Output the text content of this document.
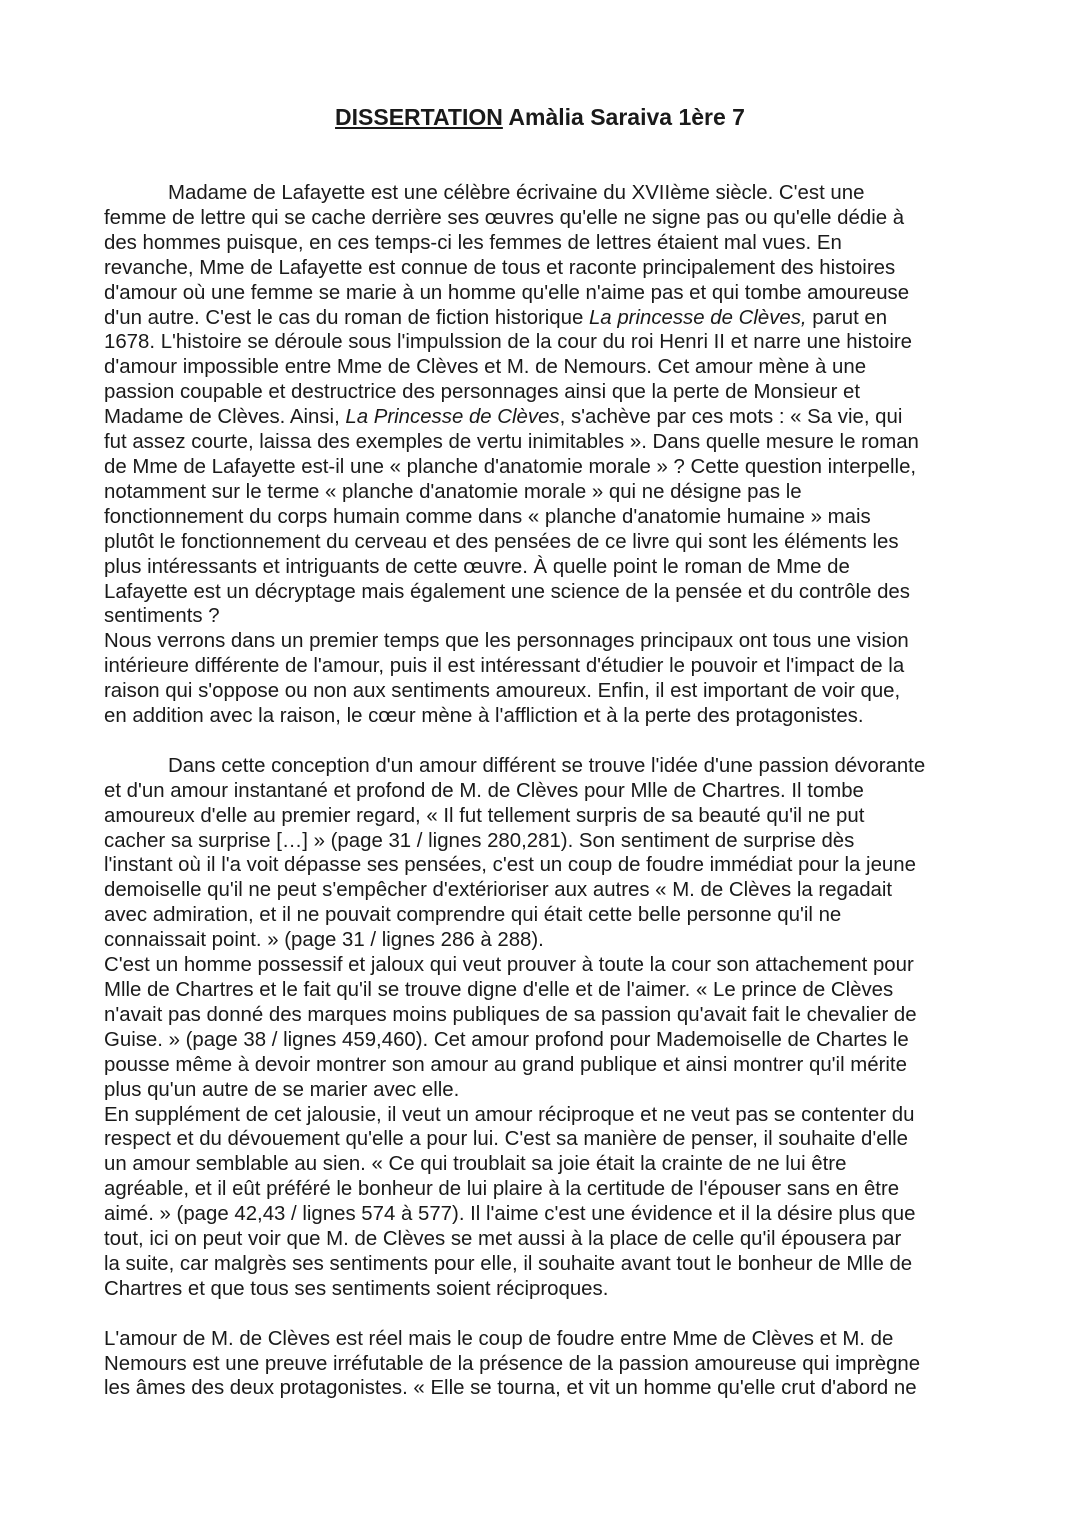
DISSERTATION Amàlia Saraiva 1ère 7

Madame de Lafayette est une célèbre écrivaine du XVIIème siècle. C'est une
femme de lettre qui se cache derrière ses œuvres qu'elle ne signe pas ou qu'elle dédie à
des hommes puisque, en ces temps-ci les femmes de lettres étaient mal vues. En
revanche, Mme de Lafayette est connue de tous et raconte principalement des histoires
d'amour où une femme se marie à un homme qu'elle n'aime pas et qui tombe amoureuse
d'un autre. C'est le cas du roman de fiction historique La princesse de Clèves, parut en
1678. L'histoire se déroule sous l'impulssion de la cour du roi Henri II et narre une histoire
d'amour impossible entre Mme de Clèves et M. de Nemours. Cet amour mène à une
passion coupable et destructrice des personnages ainsi que la perte de Monsieur et
Madame de Clèves. Ainsi, La Princesse de Clèves, s'achève par ces mots : « Sa vie, qui
fut assez courte, laissa des exemples de vertu inimitables ». Dans quelle mesure le roman
de Mme de Lafayette est-il une « planche d'anatomie morale » ? Cette question interpelle,
notamment sur le terme « planche d'anatomie morale » qui ne désigne pas le
fonctionnement du corps humain comme dans « planche d'anatomie humaine » mais
plutôt le fonctionnement du cerveau et des pensées de ce livre qui sont les éléments les
plus intéressants et intriguants de cette œuvre. À quelle point le roman de Mme de
Lafayette est un décryptage mais également une science de la pensée et du contrôle des
sentiments ?

Nous verrons dans un premier temps que les personnages principaux ont tous une vision
intérieure différente de l'amour, puis il est intéressant d'étudier le pouvoir et l'impact de la
raison qui s'oppose ou non aux sentiments amoureux. Enfin, il est important de voir que,
en addition avec la raison, le cœur mène à l'affliction et à la perte des protagonistes.

Dans cette conception d'un amour différent se trouve l'idée d'une passion dévorante
et d'un amour instantané et profond de M. de Clèves pour Mlle de Chartres. Il tombe
amoureux d'elle au premier regard, « Il fut tellement surpris de sa beauté qu'il ne put
cacher sa surprise […] » (page 31 / lignes 280,281). Son sentiment de surprise dès
l'instant où il l'a voit dépasse ses pensées, c'est un coup de foudre immédiat pour la jeune
demoiselle qu'il ne peut s'empêcher d'extérioriser aux autres « M. de Clèves la regadait
avec admiration, et il ne pouvait comprendre qui était cette belle personne qu'il ne
connaissait point. » (page 31 / lignes 286 à 288).

C'est un homme possessif et jaloux qui veut prouver à toute la cour son attachement pour
Mlle de Chartres et le fait qu'il se trouve digne d'elle et de l'aimer. « Le prince de Clèves
n'avait pas donné des marques moins publiques de sa passion qu'avait fait le chevalier de
Guise. » (page 38 / lignes 459,460). Cet amour profond pour Mademoiselle de Chartes le
pousse même à devoir montrer son amour au grand publique et ainsi montrer qu'il mérite
plus qu'un autre de se marier avec elle.

En supplément de cet jalousie, il veut un amour réciproque et ne veut pas se contenter du
respect et du dévouement qu'elle a pour lui. C'est sa manière de penser, il souhaite d'elle
un amour semblable au sien. « Ce qui troublait sa joie était la crainte de ne lui être
agréable, et il eût préféré le bonheur de lui plaire à la certitude de l'épouser sans en être
aimé. » (page 42,43 / lignes 574 à 577). Il l'aime c'est une évidence et il la désire plus que
tout, ici on peut voir que M. de Clèves se met aussi à la place de celle qu'il épousera par
la suite, car malgrès ses sentiments pour elle, il souhaite avant tout le bonheur de Mlle de
Chartres et que tous ses sentiments soient réciproques.

L'amour de M. de Clèves est réel mais le coup de foudre entre Mme de Clèves et M. de
Nemours est une preuve irréfutable de la présence de la passion amoureuse qui imprègne
les âmes des deux protagonistes. « Elle se tourna, et vit un homme qu'elle crut d'abord ne
